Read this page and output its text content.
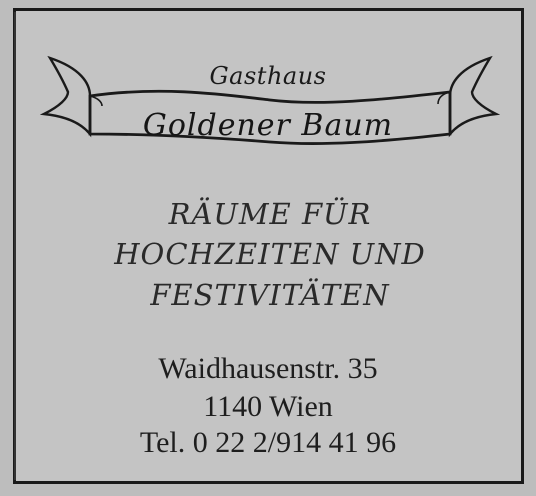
Gasthaus
Goldener Baum
RÄUME FÜR
HOCHZEITEN UND
FESTIVITÄTEN
Waidhausenstr. 35
1140 Wien
Tel. 0 22 2/914 41 96
